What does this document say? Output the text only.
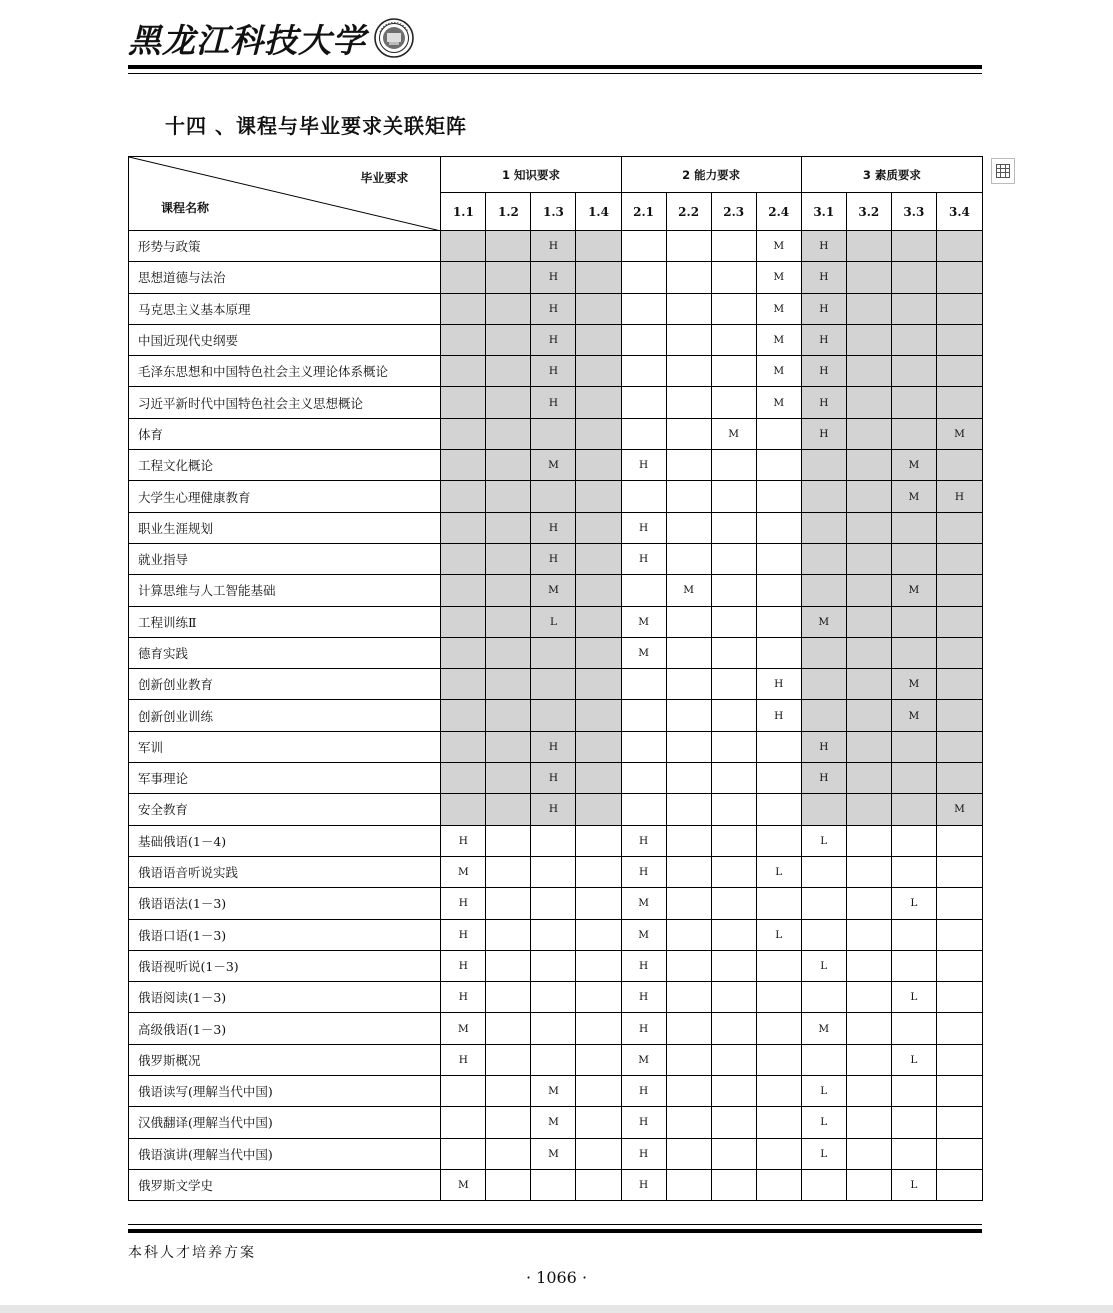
黑龙江科技大学
十四 、课程与毕业要求关联矩阵
毕业要求
课程名称	1 知识要求				2 能力要求				3 素质要求			
	1.1	1.2	1.3	1.4	2.1	2.2	2.3	2.4	3.1	3.2	3.3	3.4
形势与政策			H					M	H			
思想道德与法治			H					M	H			
马克思主义基本原理			H					M	H			
中国近现代史纲要			H					M	H			
毛泽东思想和中国特色社会主义理论体系概论			H					M	H			
习近平新时代中国特色社会主义思想概论			H					M	H			
体育							M		H			M
工程文化概论			M		H						M	
大学生心理健康教育											M	H
职业生涯规划			H		H							
就业指导			H		H							
计算思维与人工智能基础			M			M					M	
工程训练Ⅱ			L		M				M			
德育实践					M							
创新创业教育								H			M	
创新创业训练								H			M	
军训			H						H			
军事理论			H						H			
安全教育			H									M
基础俄语(1－4)	H				H				L			
俄语语音听说实践	M				H			L				
俄语语法(1－3)	H				M						L	
俄语口语(1－3)	H				M			L				
俄语视听说(1－3)	H				H				L			
俄语阅读(1－3)	H				H						L	
高级俄语(1－3)	M				H				M			
俄罗斯概况	H				M						L	
俄语读写(理解当代中国)			M		H				L			
汉俄翻译(理解当代中国)			M		H				L			
俄语演讲(理解当代中国)			M		H				L			
俄罗斯文学史	M				H						L	
本科人才培养方案
· 1066 ·
